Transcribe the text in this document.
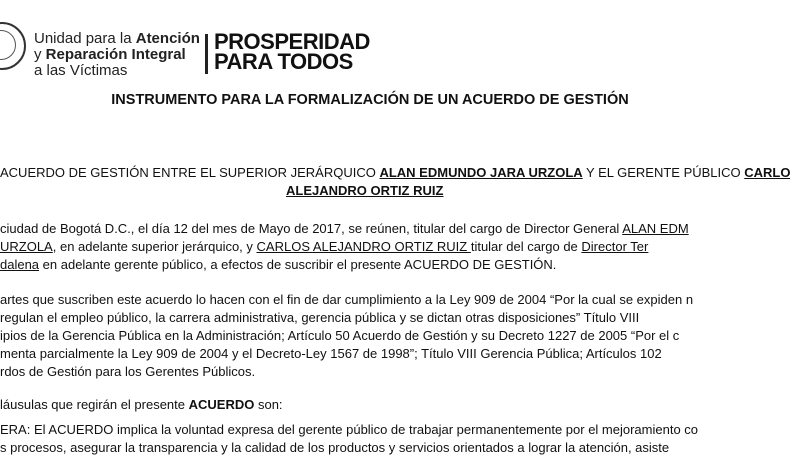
Unidad para la Atención
y Reparación Integral
a las Víctimas
PROSPERIDAD
PARA TODOS
INSTRUMENTO PARA LA FORMALIZACIÓN DE UN ACUERDO DE GESTIÓN
ACUERDO DE GESTIÓN ENTRE EL SUPERIOR JERÁRQUICO ALAN EDMUNDO JARA URZOLA Y EL GERENTE PÚBLICO CARLO
ALEJANDRO ORTIZ RUIZ
ciudad de Bogotá D.C., el día 12 del mes de Mayo de 2017, se reúnen, titular del cargo de Director General ALAN EDM
URZOLA, en adelante superior jerárquico, y CARLOS ALEJANDRO ORTIZ RUIZ titular del cargo de Director Ter
dalena en adelante gerente público, a efectos de suscribir el presente ACUERDO DE GESTIÓN.
artes que suscriben este acuerdo lo hacen con el fin de dar cumplimiento a la Ley 909 de 2004 “Por la cual se expiden n
regulan el empleo público, la carrera administrativa, gerencia pública y se dictan otras disposiciones” Título VIII
ipios de la Gerencia Pública en la Administración; Artículo 50 Acuerdo de Gestión y su Decreto 1227 de 2005 “Por el c
menta parcialmente la Ley 909 de 2004 y el Decreto-Ley 1567 de 1998”; Título VIII Gerencia Pública; Artículos 102
rdos de Gestión para los Gerentes Públicos.
láusulas que regirán el presente ACUERDO son:
ERA: El ACUERDO implica la voluntad expresa del gerente público de trabajar permanentemente por el mejoramiento co
s procesos, asegurar la transparencia y la calidad de los productos y servicios orientados a lograr la atención, asiste
